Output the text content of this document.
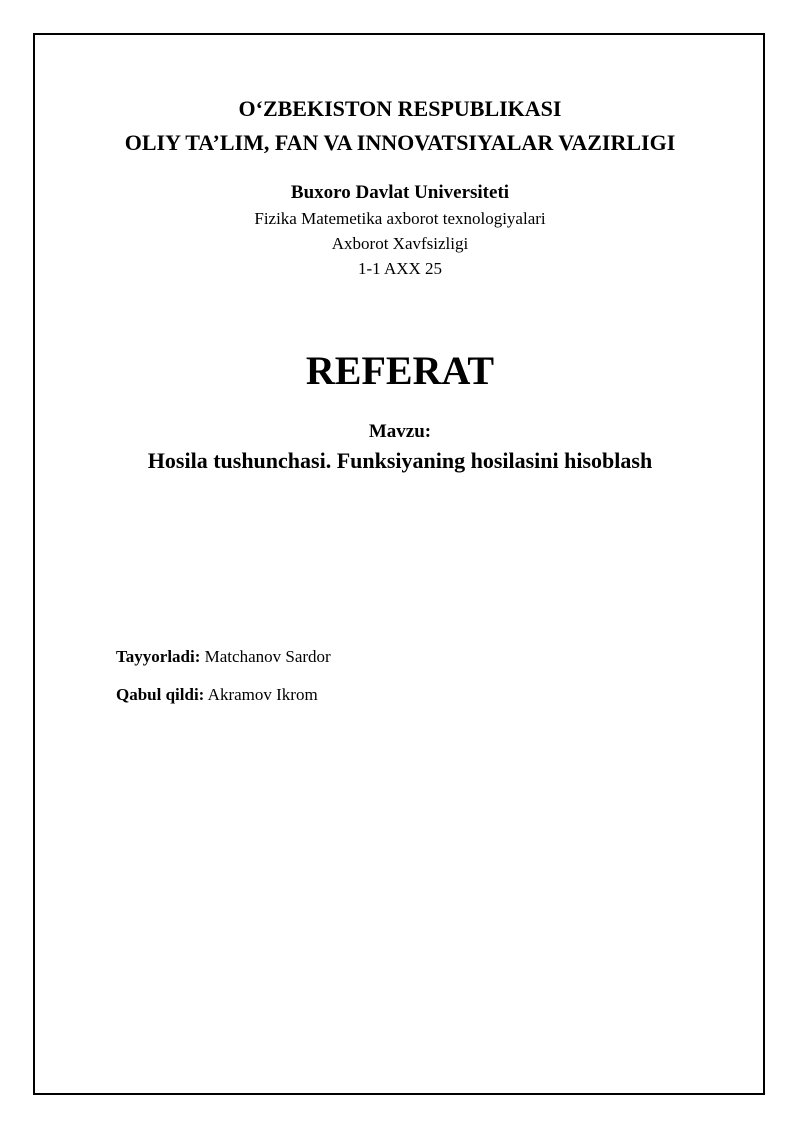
O‘ZBEKISTON RESPUBLIKASI
OLIY TA’LIM, FAN VA INNOVATSIYALAR VAZIRLIGI
Buxoro Davlat Universiteti
Fizika Matemetika axborot texnologiyalari
Axborot Xavfsizligi
1-1 AXX 25
REFERAT
Mavzu:
Hosila tushunchasi. Funksiyaning hosilasini hisoblash
Tayyorladi: Matchanov Sardor
Qabul qildi: Akramov Ikrom
